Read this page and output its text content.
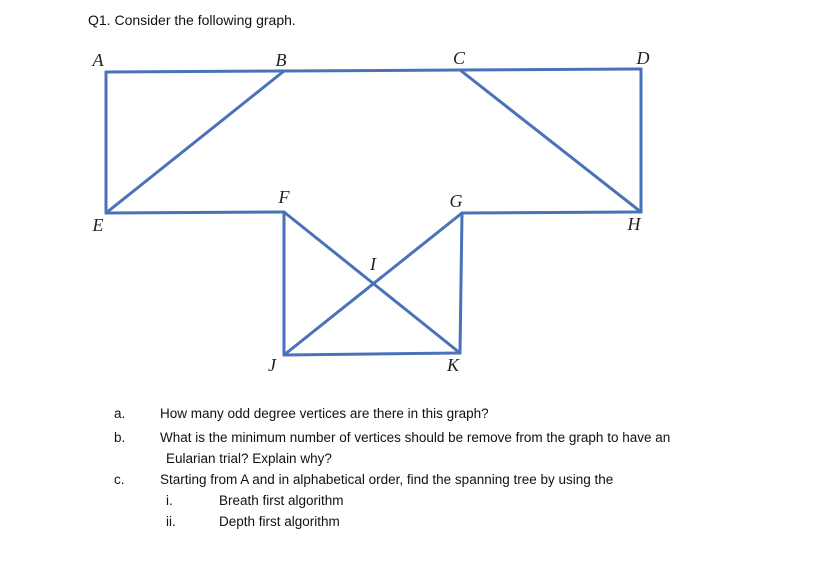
Q1. Consider the following graph.
A	B	C	D
E
F	G
H
I
J	K
a.	How many odd degree vertices are there in this graph?
b.	What is the minimum number of vertices should be remove from the graph to have an
Eularian trial? Explain why?
c.	Starting from A and in alphabetical order, find the spanning tree by using the
i.	Breath first algorithm
ii.	Depth first algorithm
